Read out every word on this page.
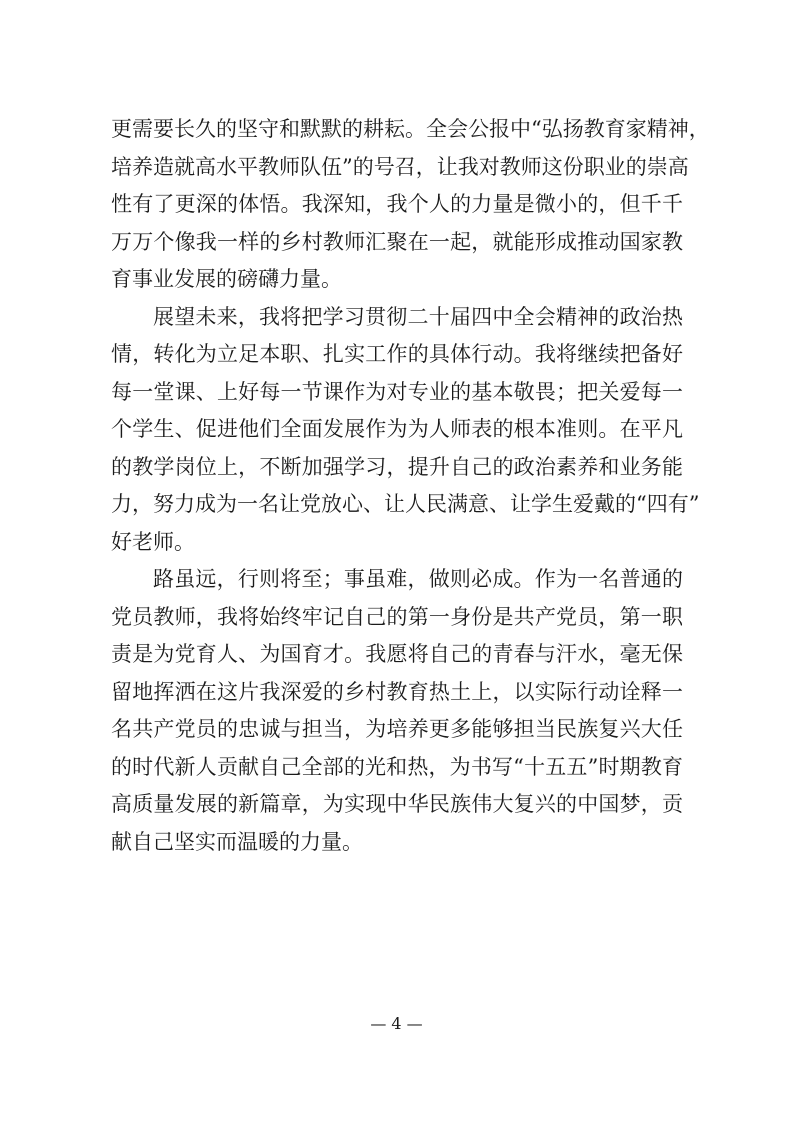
更需要长久的坚守和默默的耕耘。全会公报中“弘扬教育家精神，
培养造就高水平教师队伍”的号召，让我对教师这份职业的崇高
性有了更深的体悟。我深知，我个人的力量是微小的，但千千
万万个像我一样的乡村教师汇聚在一起，就能形成推动国家教
育事业发展的磅礴力量。
展望未来，我将把学习贯彻二十届四中全会精神的政治热
情，转化为立足本职、扎实工作的具体行动。我将继续把备好
每一堂课、上好每一节课作为对专业的基本敬畏；把关爱每一
个学生、促进他们全面发展作为为人师表的根本准则。在平凡
的教学岗位上，不断加强学习，提升自己的政治素养和业务能
力，努力成为一名让党放心、让人民满意、让学生爱戴的“四有”
好老师。
路虽远，行则将至；事虽难，做则必成。作为一名普通的
党员教师，我将始终牢记自己的第一身份是共产党员，第一职
责是为党育人、为国育才。我愿将自己的青春与汗水，毫无保
留地挥洒在这片我深爱的乡村教育热土上，以实际行动诠释一
名共产党员的忠诚与担当，为培养更多能够担当民族复兴大任
的时代新人贡献自己全部的光和热，为书写“十五五”时期教育
高质量发展的新篇章，为实现中华民族伟大复兴的中国梦，贡
献自己坚实而温暖的力量。
— 4 —
